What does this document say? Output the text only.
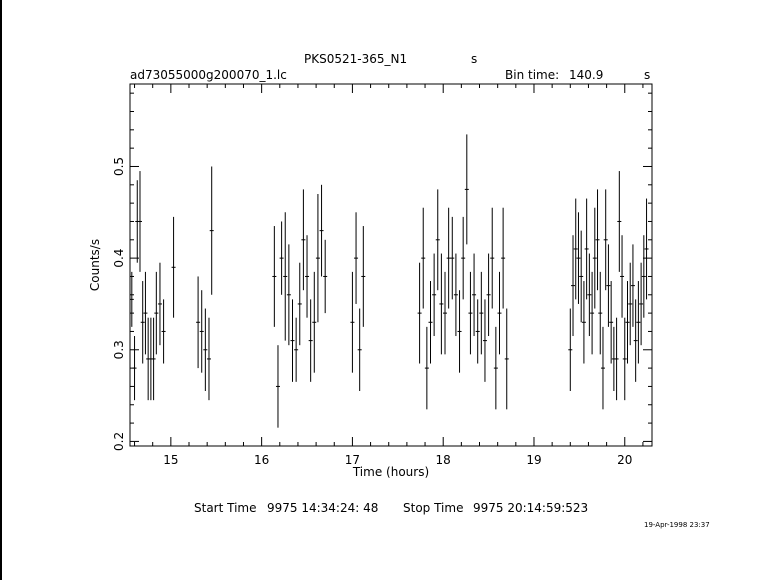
PKS0521-365_N1	s
ad73055000g200070_1.lc	Bin time: 140.9	s
15	16	17	18	19	20
0.2
0.3
0.4
0.5
Time (hours)
Counts/s
Start Time 9975 14:34:24: 48 Stop Time 9975 20:14:59:523
19-Apr-1998 23:37
